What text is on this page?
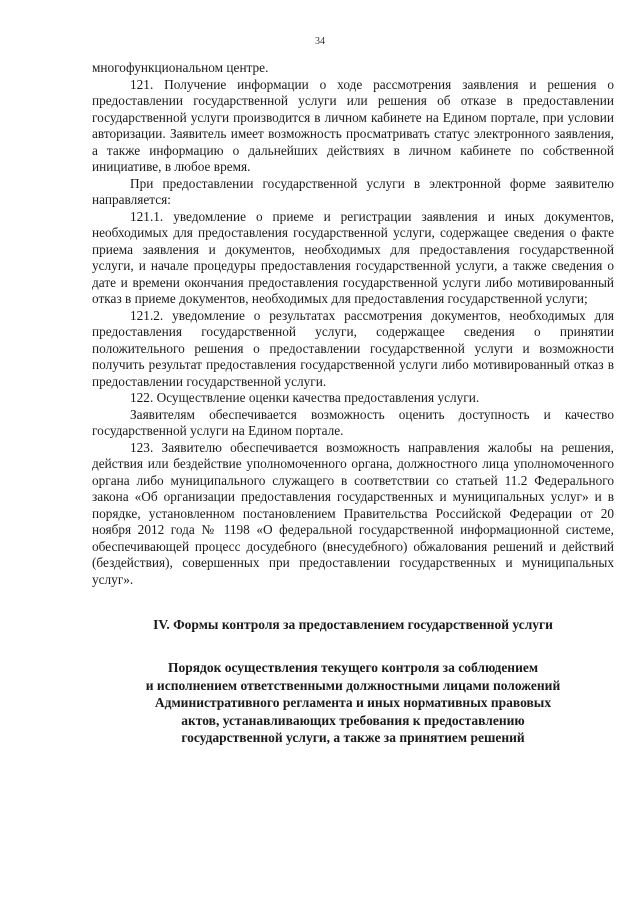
34

многофункциональном центре.

121. Получение информации о ходе рассмотрения заявления и решения о предоставлении государственной услуги или решения об отказе в предоставлении государственной услуги производится в личном кабинете на Едином портале, при условии авторизации. Заявитель имеет возможность просматривать статус электронного заявления, а также информацию о дальнейших действиях в личном кабинете по собственной инициативе, в любое время.

При предоставлении государственной услуги в электронной форме заявителю направляется:

121.1. уведомление о приеме и регистрации заявления и иных документов, необходимых для предоставления государственной услуги, содержащее сведения о факте приема заявления и документов, необходимых для предоставления государственной услуги, и начале процедуры предоставления государственной услуги, а также сведения о дате и времени окончания предоставления государственной услуги либо мотивированный отказ в приеме документов, необходимых для предоставления государственной услуги;

121.2. уведомление о результатах рассмотрения документов, необходимых для предоставления государственной услуги, содержащее сведения о принятии положительного решения о предоставлении государственной услуги и возможности получить результат предоставления государственной услуги либо мотивированный отказ в предоставлении государственной услуги.

122. Осуществление оценки качества предоставления услуги.

Заявителям обеспечивается возможность оценить доступность и качество государственной услуги на Едином портале.

123. Заявителю обеспечивается возможность направления жалобы на решения, действия или бездействие уполномоченного органа, должностного лица уполномоченного органа либо муниципального служащего в соответствии со статьей 11.2 Федерального закона «Об организации предоставления государственных и муниципальных услуг» и в порядке, установленном постановлением Правительства Российской Федерации от 20 ноября 2012 года № 1198 «О федеральной государственной информационной системе, обеспечивающей процесс досудебного (внесудебного) обжалования решений и действий (бездействия), совершенных при предоставлении государственных и муниципальных услуг».

IV. Формы контроля за предоставлением государственной услуги
Порядок осуществления текущего контроля за соблюдением
и исполнением ответственными должностными лицами положений
Административного регламента и иных нормативных правовых
актов, устанавливающих требования к предоставлению
государственной услуги, а также за принятием решений
